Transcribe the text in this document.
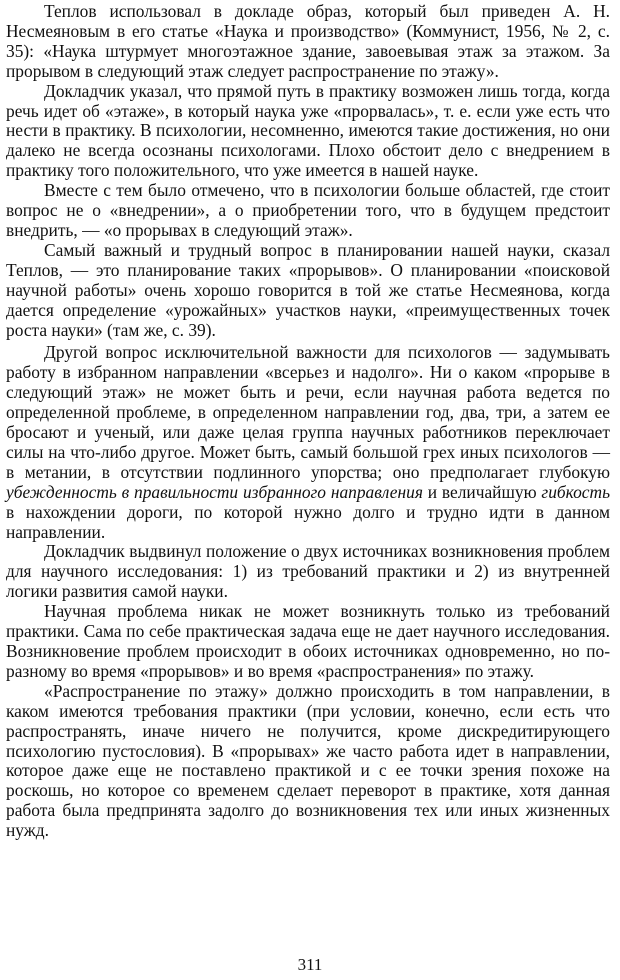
Теплов использовал в докладе образ, который был приведен А. Н. Несмеяновым в его статье «Наука и производство» (Коммунист, 1956, № 2, с. 35): «Наука штурмует многоэтажное здание, завоевывая этаж за этажом. За прорывом в следующий этаж следует распространение по этажу».

Докладчик указал, что прямой путь в практику возможен лишь тогда, когда речь идет об «этаже», в который наука уже «прорвалась», т. е. если уже есть что нести в практику. В психологии, несомненно, имеются такие достижения, но они далеко не всегда осознаны психологами. Плохо обстоит дело с внедрением в практику того положительного, что уже имеется в нашей науке.

Вместе с тем было отмечено, что в психологии больше областей, где стоит вопрос не о «внедрении», а о приобретении того, что в будущем предстоит внедрить, — «о прорывах в следующий этаж».

Самый важный и трудный вопрос в планировании нашей науки, сказал Теплов, — это планирование таких «прорывов». О планировании «поисковой научной работы» очень хорошо говорится в той же статье Несмеянова, когда дается определение «урожайных» участков науки, «преимущественных точек роста науки» (там же, с. 39).

Другой вопрос исключительной важности для психологов — задумывать работу в избранном направлении «всерьез и надолго». Ни о каком «прорыве в следующий этаж» не может быть и речи, если научная работа ведется по определенной проблеме, в определенном направлении год, два, три, а затем ее бросают и ученый, или даже целая группа научных работников переключает силы на что-либо другое. Может быть, самый большой грех иных психологов — в метании, в отсутствии подлинного упорства; оно предполагает глубокую убежденность в правильности избранного направления и величайшую гибкость в нахождении дороги, по которой нужно долго и трудно идти в данном направлении.

Докладчик выдвинул положение о двух источниках возникновения проблем для научного исследования: 1) из требований практики и 2) из внутренней логики развития самой науки.

Научная проблема никак не может возникнуть только из требований практики. Сама по себе практическая задача еще не дает научного исследования. Возникновение проблем происходит в обоих источниках одновременно, но по-разному во время «прорывов» и во время «распространения» по этажу.

«Распространение по этажу» должно происходить в том направлении, в каком имеются требования практики (при условии, конечно, если есть что распространять, иначе ничего не получится, кроме дискредитирующего психологию пустословия). В «прорывах» же часто работа идет в направлении, которое даже еще не поставлено практикой и с ее точки зрения похоже на роскошь, но которое со временем сделает переворот в практике, хотя данная работа была предпринята задолго до возникновения тех или иных жизненных нужд.

311
